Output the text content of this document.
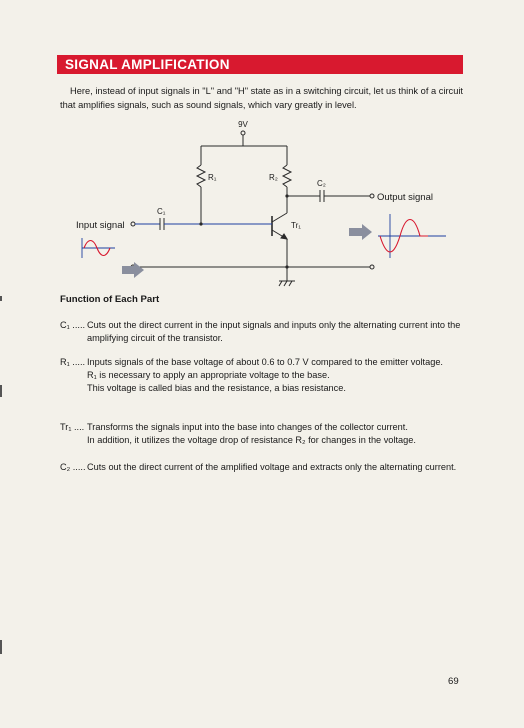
SIGNAL AMPLIFICATION
Here, instead of input signals in "L" and "H" state as in a switching circuit, let us think of a circuit that amplifies signals, such as sound signals, which vary greatly in level.
9V
R₁	R₂
C₂
C₁
Tr₁
Input signal
Output signal
Function of Each Part
C₁ ..... Cuts out the direct current in the input signals and inputs only the alternating current into the amplifying circuit of the transistor.

R₁ ..... Inputs signals of the base voltage of about 0.6 to 0.7 V compared to the emitter voltage.

R₁ is necessary to apply an appropriate voltage to the base.

This voltage is called bias and the resistance, a bias resistance.

Tr₁ .... Transforms the signals input into the base into changes of the collector current.

In addition, it utilizes the voltage drop of resistance R₂ for changes in the voltage.

C₂ ..... Cuts out the direct current of the amplified voltage and extracts only the alternating current.

69
